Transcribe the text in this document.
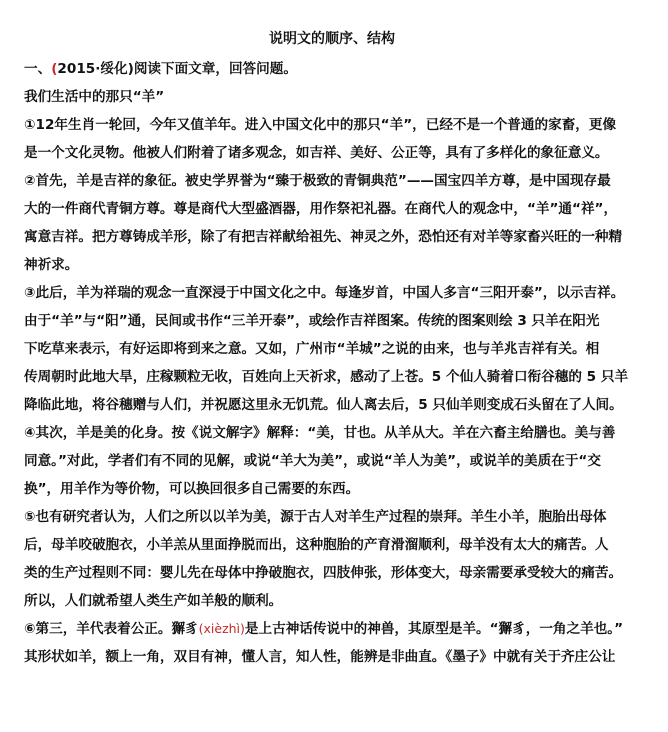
说明文的顺序、结构
一、(2015·绥化)阅读下面文章，回答问题。
我们生活中的那只“羊”
①12年生肖一轮回，今年又值羊年。进入中国文化中的那只“羊”，已经不是一个普通的家畜，更像
是一个文化灵物。他被人们附着了诸多观念，如吉祥、美好、公正等，具有了多样化的象征意义。
②首先，羊是吉祥的象征。被史学界誉为“臻于极致的青铜典范”——国宝四羊方尊，是中国现存最
大的一件商代青铜方尊。尊是商代大型盛酒器，用作祭祀礼器。在商代人的观念中，“羊”通“祥”，
寓意吉祥。把方尊铸成羊形，除了有把吉祥献给祖先、神灵之外，恐怕还有对羊等家畜兴旺的一种精
神祈求。
③此后，羊为祥瑞的观念一直深浸于中国文化之中。每逢岁首，中国人多言“三阳开泰”，以示吉祥。
由于“羊”与“阳”通，民间或书作“三羊开泰”，或绘作吉祥图案。传统的图案则绘 3 只羊在阳光
下吃草来表示，有好运即将到来之意。又如，广州市“羊城”之说的由来，也与羊兆吉祥有关。相
传周朝时此地大旱，庄稼颗粒无收，百姓向上天祈求，感动了上苍。5 个仙人骑着口衔谷穗的 5 只羊
降临此地，将谷穗赠与人们，并祝愿这里永无饥荒。仙人离去后，5 只仙羊则变成石头留在了人间。
④其次，羊是美的化身。按《说文解字》解释：“美，甘也。从羊从大。羊在六畜主给膳也。美与善
同意。”对此，学者们有不同的见解，或说“羊大为美”，或说“羊人为美”，或说羊的美质在于“交
换”，用羊作为等价物，可以换回很多自己需要的东西。
⑤也有研究者认为，人们之所以以羊为美，源于古人对羊生产过程的崇拜。羊生小羊，胞胎出母体
后，母羊咬破胞衣，小羊羔从里面挣脱而出，这种胞胎的产育滑溜顺利，母羊没有太大的痛苦。人
类的生产过程则不同：婴儿先在母体中挣破胞衣，四肢伸张，形体变大，母亲需要承受较大的痛苦。
所以，人们就希望人类生产如羊般的顺利。
⑥第三，羊代表着公正。獬豸(xièzhì)是上古神话传说中的神兽，其原型是羊。“獬豸，一角之羊也。”
其形状如羊，额上一角，双目有神，懂人言，知人性，能辨是非曲直。《墨子》中就有关于齐庄公让
